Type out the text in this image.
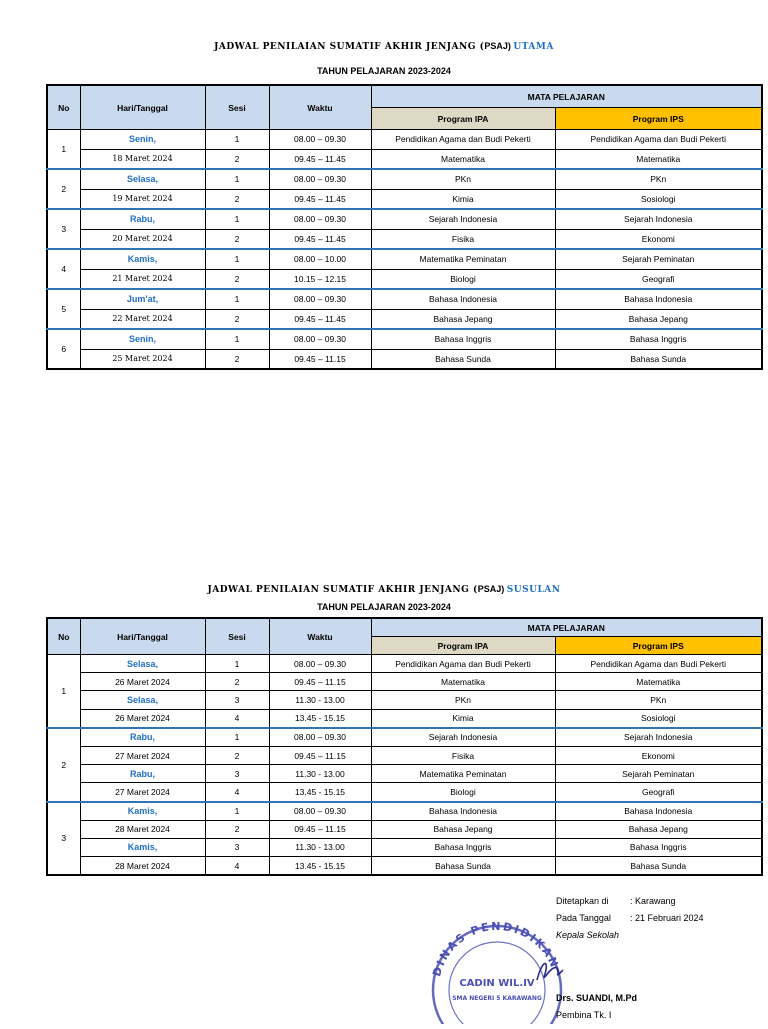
JADWAL PENILAIAN SUMATIF AKHIR JENJANG (PSAJ) UTAMA
TAHUN PELAJARAN 2023-2024
No	Hari/Tanggal	Sesi	Waktu	MATA PELAJARAN	
				Program IPA	Program IPS
1	Senin,	1	08.00 – 09.30	Pendidikan Agama dan Budi Pekerti	Pendidikan Agama dan Budi Pekerti
	18 Maret 2024	2	09.45 – 11.45	Matematika	Matematika
2	Selasa,	1	08.00 – 09.30	PKn	PKn
	19 Maret 2024	2	09.45 – 11.45	Kimia	Sosiologi
3	Rabu,	1	08.00 – 09.30	Sejarah Indonesia	Sejarah Indonesia
	20 Maret 2024	2	09.45 – 11.45	Fisika	Ekonomi
4	Kamis,	1	08.00 – 10.00	Matematika Peminatan	Sejarah Peminatan
	21 Maret 2024	2	10.15 – 12.15	Biologi	Geografi
5	Jum'at,	1	08.00 – 09.30	Bahasa Indonesia	Bahasa Indonesia
	22 Maret 2024	2	09.45 – 11.45	Bahasa Jepang	Bahasa Jepang
6	Senin,	1	08.00 – 09.30	Bahasa Inggris	Bahasa Inggris
	25 Maret 2024	2	09.45 – 11.15	Bahasa Sunda	Bahasa Sunda
JADWAL PENILAIAN SUMATIF AKHIR JENJANG (PSAJ) SUSULAN
TAHUN PELAJARAN 2023-2024
No	Hari/Tanggal	Sesi	Waktu	MATA PELAJARAN	
				Program IPA	Program IPS
1	Selasa,	1	08.00 – 09.30	Pendidikan Agama dan Budi Pekerti	Pendidikan Agama dan Budi Pekerti
	26 Maret 2024	2	09.45 – 11.15	Matematika	Matematika
	Selasa,	3	11.30 - 13.00	PKn	PKn
	26 Maret 2024	4	13.45 - 15.15	Kimia	Sosiologi
2	Rabu,	1	08.00 – 09.30	Sejarah Indonesia	Sejarah Indonesia
	27 Maret 2024	2	09.45 – 11.15	Fisika	Ekonomi
	Rabu,	3	11.30 - 13.00	Matematika Peminatan	Sejarah Peminatan
	27 Maret 2024	4	13.45 - 15.15	Biologi	Geografi
3	Kamis,	1	08.00 – 09.30	Bahasa Indonesia	Bahasa Indonesia
	28 Maret 2024	2	09.45 – 11.15	Bahasa Jepang	Bahasa Jepang
	Kamis,	3	11.30 - 13.00	Bahasa Inggris	Bahasa Inggris
	28 Maret 2024	4	13.45 - 15.15	Bahasa Sunda	Bahasa Sunda
Ditetapkan di : Karawang
Pada Tanggal : 21 Februari 2024
Kepala Sekolah
DINAS PENDIDIKAN
CADIN WIL.IV
SMA NEGERI 5 KARAWANG Drs. SUANDI, M.Pd
Pembina Tk. I
